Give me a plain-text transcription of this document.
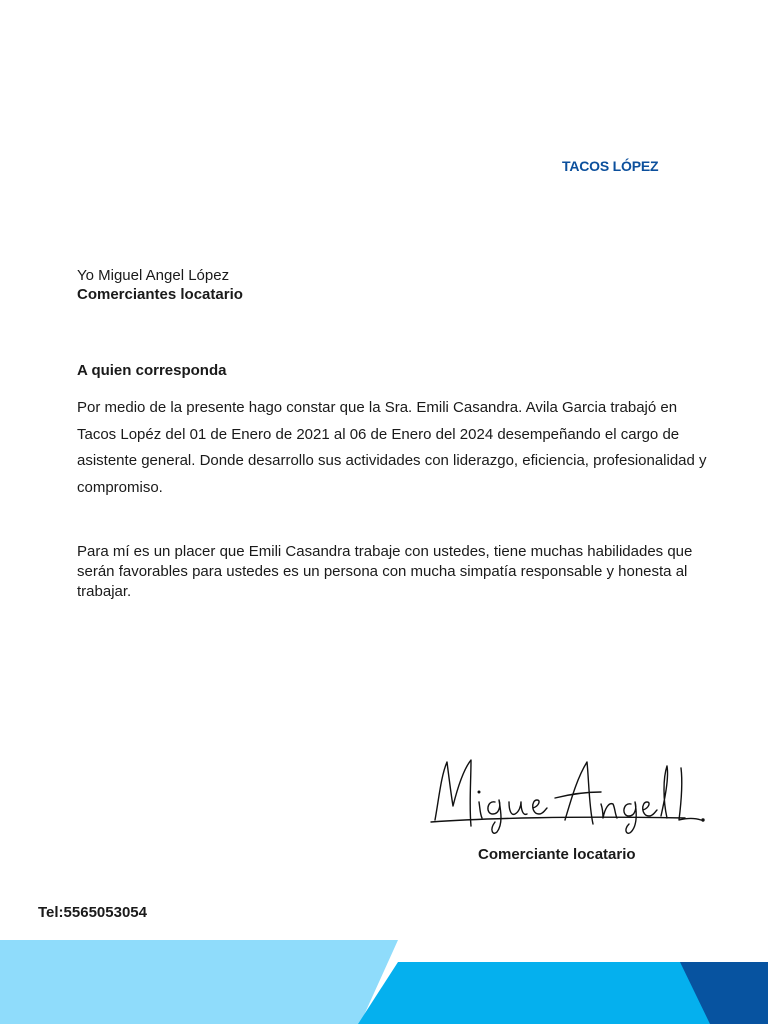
TACOS LÓPEZ
Yo Miguel Angel López
Comerciantes locatario
A quien corresponda
Por medio de la presente hago constar que la Sra. Emili Casandra. Avila Garcia trabajó en Tacos Lopéz del 01 de Enero de 2021 al 06 de Enero del 2024 desempeñando el cargo de asistente general. Donde desarrollo sus actividades con liderazgo, eficiencia, profesionalidad y compromiso.
Para mí es un placer que Emili Casandra trabaje con ustedes, tiene muchas habilidades que serán favorables para ustedes es un persona con mucha simpatía responsable y honesta al trabajar.
Comerciante locatario
Tel:5565053054
